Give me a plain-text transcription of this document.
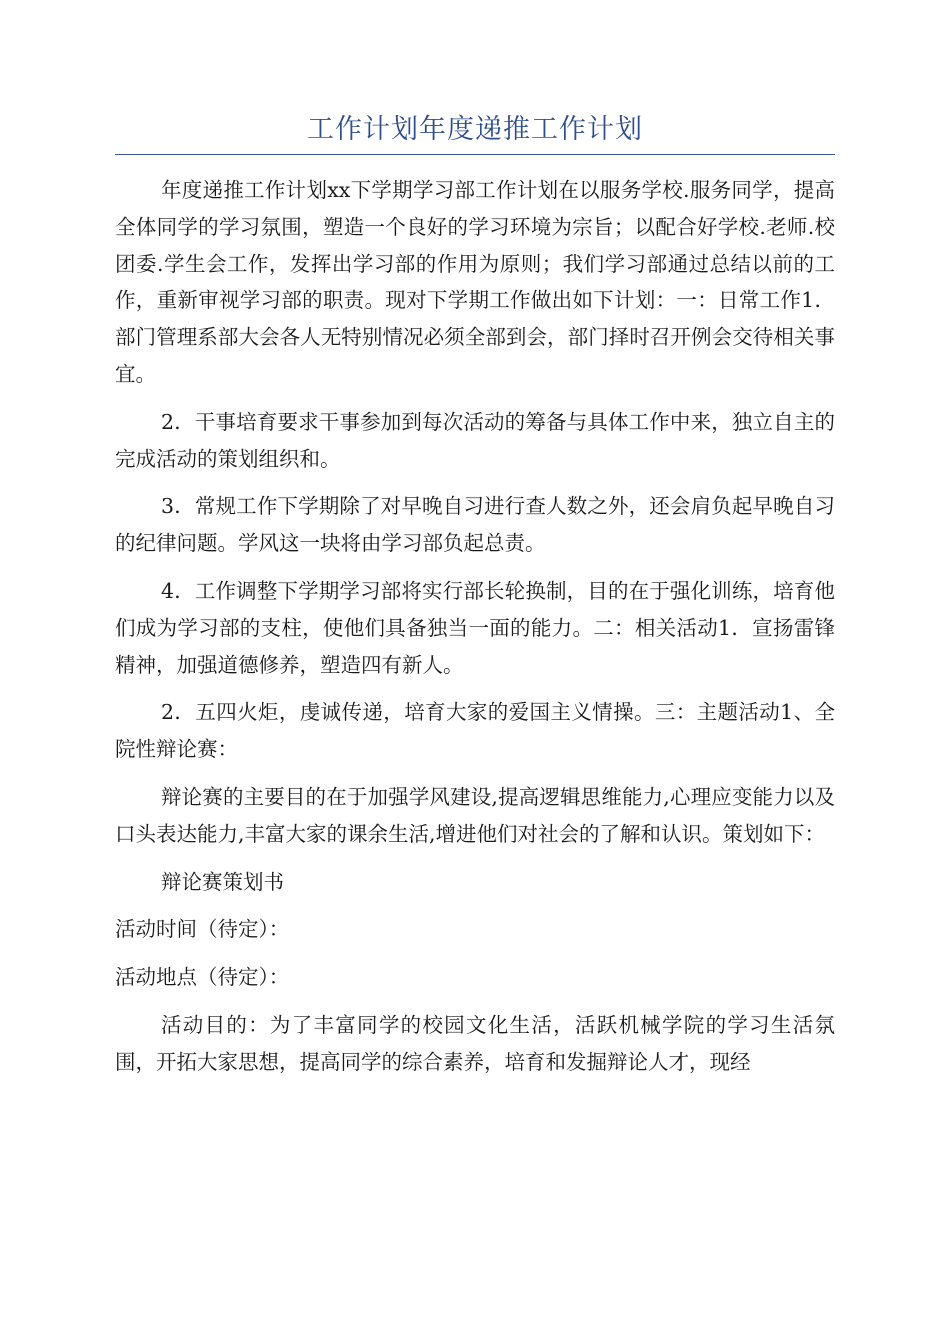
工作计划年度递推工作计划

年度递推工作计划xx下学期学习部工作计划在以服务学校.服务同学，提高全体同学的学习氛围，塑造一个良好的学习环境为宗旨；以配合好学校.老师.校团委.学生会工作，发挥出学习部的作用为原则；我们学习部通过总结以前的工作，重新审视学习部的职责。现对下学期工作做出如下计划：一：日常工作1．部门管理系部大会各人无特别情况必须全部到会，部门择时召开例会交待相关事宜。

2．干事培育要求干事参加到每次活动的筹备与具体工作中来，独立自主的完成活动的策划组织和。

3．常规工作下学期除了对早晚自习进行查人数之外，还会肩负起早晚自习的纪律问题。学风这一块将由学习部负起总责。

4．工作调整下学期学习部将实行部长轮换制，目的在于强化训练，培育他们成为学习部的支柱，使他们具备独当一面的能力。二：相关活动1．宣扬雷锋精神，加强道德修养，塑造四有新人。

2．五四火炬，虔诚传递，培育大家的爱国主义情操。三：主题活动1、全院性辩论赛：

辩论赛的主要目的在于加强学风建设,提高逻辑思维能力,心理应变能力以及口头表达能力,丰富大家的课余生活,增进他们对社会的了解和认识。策划如下：

辩论赛策划书

活动时间（待定）：

活动地点（待定）：

活动目的：为了丰富同学的校园文化生活，活跃机械学院的学习生活氛围，开拓大家思想，提高同学的综合素养，培育和发掘辩论人才，现经
